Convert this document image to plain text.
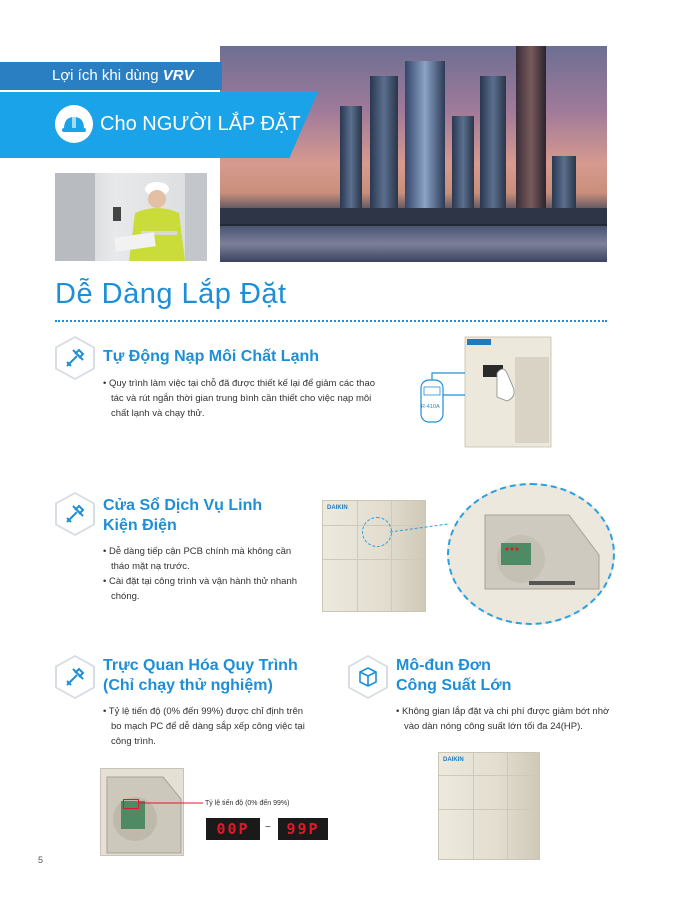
Lợi ích khi dùng VRV
Cho NGƯỜI LẮP ĐẶT
Dễ Dàng Lắp Đặt
Tự Động Nạp Môi Chất Lạnh

• Quy trình làm việc tại chỗ đã được thiết kế lại để giảm các thao tác và rút ngắn thời gian trung bình cần thiết cho việc nạp môi chất lạnh và chạy thử.

R-410A
Cửa Sổ Dịch Vụ Linh Kiện Điện

• Dễ dàng tiếp cận PCB chính mà không cần tháo mặt nạ trước.

• Cài đặt tại công trình và vận hành thử nhanh chóng.

DAIKIN
Trực Quan Hóa Quy Trình (Chỉ chạy thử nghiệm)

• Tỷ lệ tiến độ (0% đến 99%) được chỉ định trên bo mạch PC để dễ dàng sắp xếp công việc tại công trình.

Tỷ lệ tiến độ (0% đến 99%)
00P	~	99P
Mô-đun Đơn Công Suất Lớn

• Không gian lắp đặt và chi phí được giảm bớt nhờ vào dàn nóng công suất lớn tối đa 24(HP).

DAIKIN
5
